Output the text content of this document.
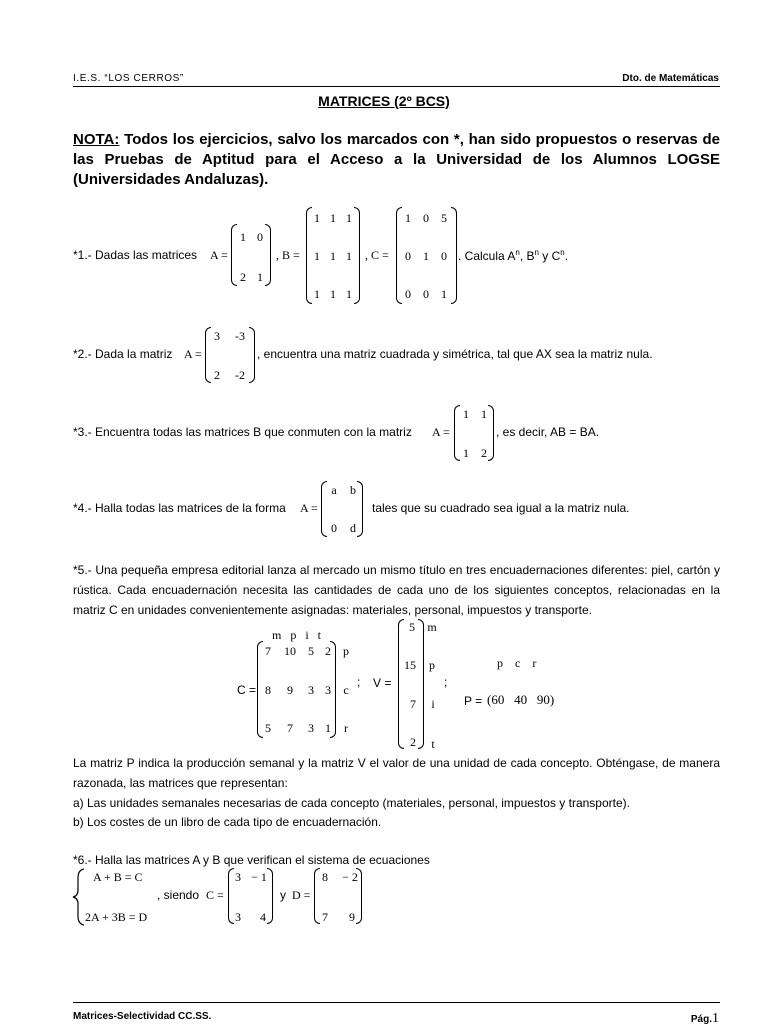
I.E.S. “LOS CERROS”	Dto. de Matemáticas
MATRICES (2º BCS)
NOTA: Todos los ejercicios, salvo los marcados con *, han sido propuestos o reservas de las Pruebas de Aptitud para el Acceso a la Universidad de los Alumnos LOGSE (Universidades Andaluzas).
*1.- Dadas las matrices A =
1 0
2 1
, B =
1 1 1
1 1 1
1 1 1
, C =
1 0 5
0 1 0
0 0 1
. Calcula $A^n$, $B^n$ y $C^n$.
*2.- Dada la matriz A =
3 -3
2 -2
, encuentra una matriz cuadrada y simétrica, tal que AX sea la matriz nula.
*3.- Encuentra todas las matrices B que conmuten con la matriz A =
1 1
1 2
, es decir, AB = BA.
*4.- Halla todas las matrices de la forma A =
a b
0 d
tales que su cuadrado sea igual a la matriz nula.
*5.- Una pequeña empresa editorial lanza al mercado un mismo título en tres encuadernaciones diferentes: piel, cartón y rústica. Cada encuadernación necesita las cantidades de cada uno de los siguientes conceptos, relacionadas en la matriz C en unidades convenientemente asignadas: materiales, personal, impuestos y transporte.
m   p   i   t
C =
7 10 5 2
8 9 3 3
5 7 3 1
p
c
r
; V =
5
15
7
2
m
p
i
t
;
p    c    r
P = (60   40   90)
La matriz P indica la producción semanal y la matriz V el valor de una unidad de cada concepto. Obténgase, de manera razonada, las matrices que representan:
a) Las unidades semanales necesarias de cada concepto (materiales, personal, impuestos y transporte).
b) Los costes de un libro de cada tipo de encuadernación.
*6.- Halla las matrices A y B que verifican el sistema de ecuaciones
A + B = C
2A + 3B = D
, siendo C =
3 − 1
3 4
y D =
8 − 2
7 9
Matrices-Selectividad CC.SS.	Pág.1
